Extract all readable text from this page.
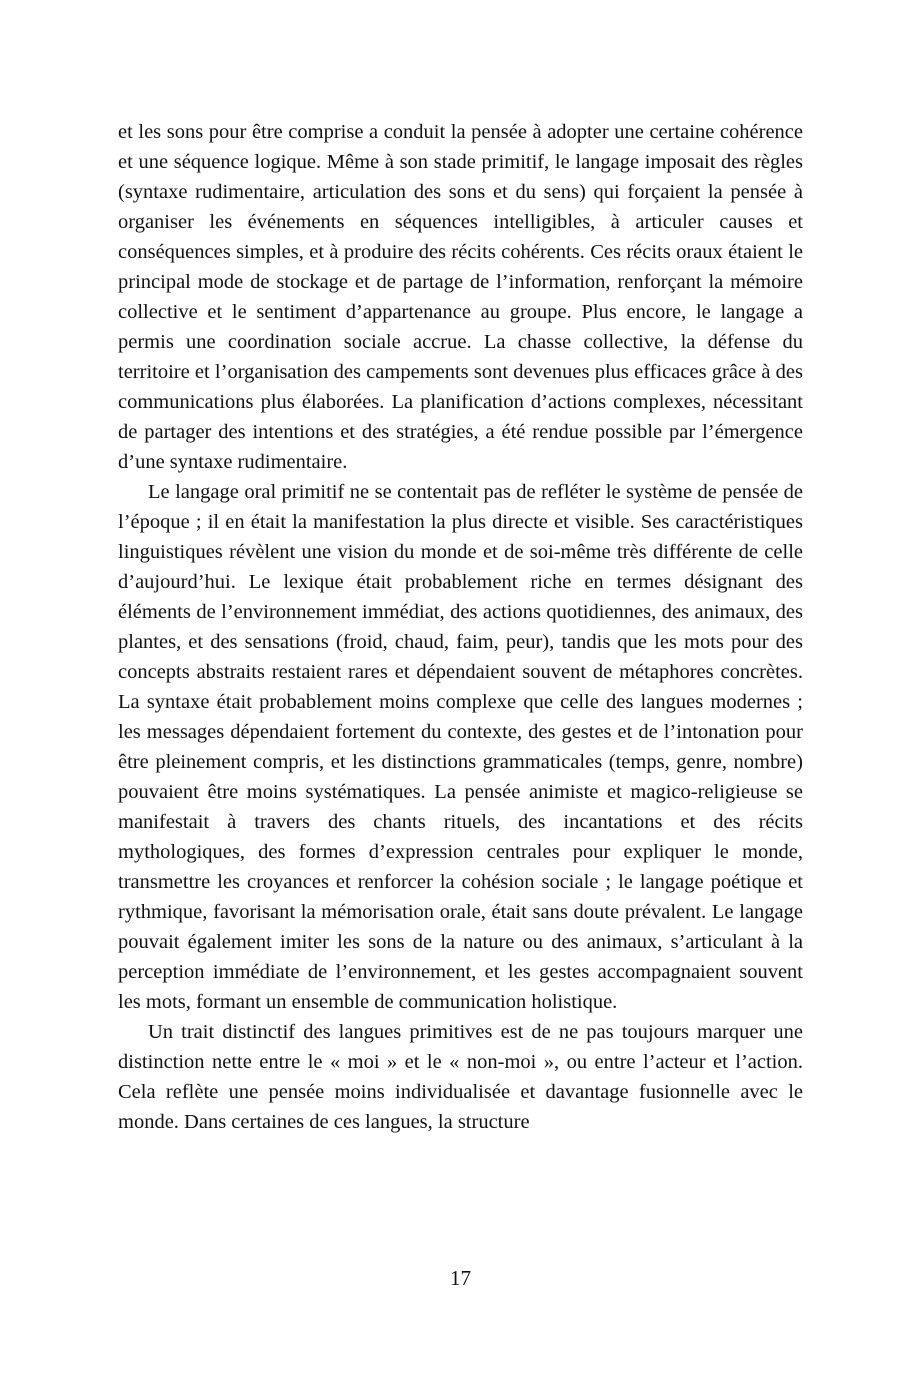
et les sons pour être comprise a conduit la pensée à adopter une certaine cohérence et une séquence logique. Même à son stade primitif, le langage imposait des règles (syntaxe rudimentaire, articulation des sons et du sens) qui forçaient la pensée à organiser les événements en séquences intelligibles, à articuler causes et conséquences simples, et à produire des récits cohérents. Ces récits oraux étaient le principal mode de stockage et de partage de l’information, renforçant la mémoire collective et le sentiment d’appartenance au groupe. Plus encore, le langage a permis une coordination sociale accrue. La chasse collective, la défense du territoire et l’organisation des campements sont devenues plus efficaces grâce à des communications plus élaborées. La planification d’actions complexes, nécessitant de partager des intentions et des stratégies, a été rendue possible par l’émergence d’une syntaxe rudimentaire.

Le langage oral primitif ne se contentait pas de refléter le système de pensée de l’époque ; il en était la manifestation la plus directe et visible. Ses caractéristiques linguistiques révèlent une vision du monde et de soi-même très différente de celle d’aujourd’hui. Le lexique était probablement riche en termes désignant des éléments de l’environnement immédiat, des actions quotidiennes, des animaux, des plantes, et des sensations (froid, chaud, faim, peur), tandis que les mots pour des concepts abstraits restaient rares et dépendaient souvent de métaphores concrètes. La syntaxe était probablement moins complexe que celle des langues modernes ; les messages dépendaient fortement du contexte, des gestes et de l’intonation pour être pleinement compris, et les distinctions grammaticales (temps, genre, nombre) pouvaient être moins systématiques. La pensée animiste et magico-religieuse se manifestait à travers des chants rituels, des incantations et des récits mythologiques, des formes d’expression centrales pour expliquer le monde, transmettre les croyances et renforcer la cohésion sociale ; le langage poétique et rythmique, favorisant la mémorisation orale, était sans doute prévalent. Le langage pouvait également imiter les sons de la nature ou des animaux, s’articulant à la perception immédiate de l’environnement, et les gestes accompagnaient souvent les mots, formant un ensemble de communication holistique.

Un trait distinctif des langues primitives est de ne pas toujours marquer une distinction nette entre le « moi » et le « non-moi », ou entre l’acteur et l’action. Cela reflète une pensée moins individualisée et davantage fusionnelle avec le monde. Dans certaines de ces langues, la structure

17
